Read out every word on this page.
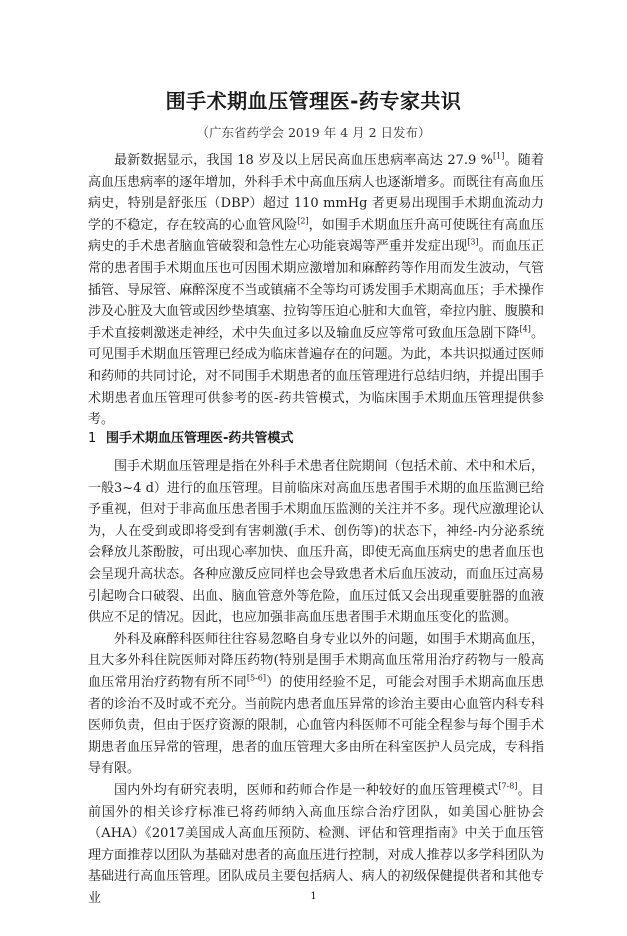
围手术期血压管理医-药专家共识
（广东省药学会 2019 年 4 月 2 日发布）

最新数据显示，我国 18 岁及以上居民高血压患病率高达 27.9 %[1]。随着高血压患病率的逐年增加，外科手术中高血压病人也逐渐增多。而既往有高血压病史，特别是舒张压（DBP）超过 110 mmHg 者更易出现围手术期血流动力学的不稳定，存在较高的心血管风险[2]，如围手术期血压升高可使既往有高血压病史的手术患者脑血管破裂和急性左心功能衰竭等严重并发症出现[3]。而血压正常的患者围手术期血压也可因围术期应激增加和麻醉药等作用而发生波动，气管插管、导尿管、麻醉深度不当或镇痛不全等均可诱发围手术期高血压；手术操作涉及心脏及大血管或因纱垫填塞、拉钩等压迫心脏和大血管，牵拉内脏、腹膜和手术直接刺激迷走神经，术中失血过多以及输血反应等常可致血压急剧下降[4]。可见围手术期血压管理已经成为临床普遍存在的问题。为此，本共识拟通过医师和药师的共同讨论，对不同围手术期患者的血压管理进行总结归纳，并提出围手术期患者血压管理可供参考的医-药共管模式，为临床围手术期血压管理提供参考。

1 围手术期血压管理医-药共管模式

围手术期血压管理是指在外科手术患者住院期间（包括术前、术中和术后，一般3~4 d）进行的血压管理。目前临床对高血压患者围手术期的血压监测已给予重视，但对于非高血压患者围手术期血压监测的关注并不多。现代应激理论认为，人在受到或即将受到有害刺激(手术、创伤等)的状态下，神经-内分泌系统会释放儿茶酚胺，可出现心率加快、血压升高，即使无高血压病史的患者血压也会呈现升高状态。各种应激反应同样也会导致患者术后血压波动，而血压过高易引起吻合口破裂、出血、脑血管意外等危险，血压过低又会出现重要脏器的血液供应不足的情况。因此，也应加强非高血压患者围手术期血压变化的监测。

外科及麻醉科医师往往容易忽略自身专业以外的问题，如围手术期高血压，且大多外科住院医师对降压药物(特别是围手术期高血压常用治疗药物与一般高血压常用治疗药物有所不同[5-6]）的使用经验不足，可能会对围手术期高血压患者的诊治不及时或不充分。当前院内患者血压异常的诊治主要由心血管内科专科医师负责，但由于医疗资源的限制，心血管内科医师不可能全程参与每个围手术期患者血压异常的管理，患者的血压管理大多由所在科室医护人员完成，专科指导有限。

国内外均有研究表明，医师和药师合作是一种较好的血压管理模式[7-8]。目前国外的相关诊疗标准已将药师纳入高血压综合治疗团队，如美国心脏协会（AHA）《2017美国成人高血压预防、检测、评估和管理指南》中关于血压管理方面推荐以团队为基础对患者的高血压进行控制，对成人推荐以多学科团队为基础进行高血压管理。团队成员主要包括病人、病人的初级保健提供者和其他专业	1
